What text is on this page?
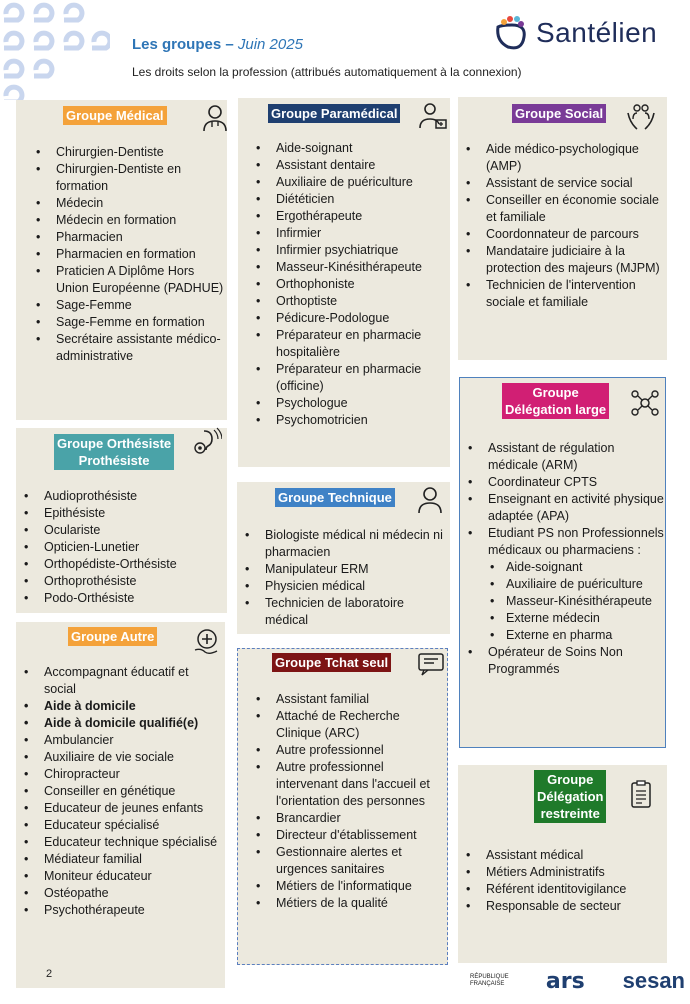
Les groupes – Juin 2025
Les droits selon la profession (attribués automatiquement à la connexion)
Santélien
Groupe Médical
• Chirurgien-Dentiste
• Chirurgien-Dentiste en formation
• Médecin
• Médecin en formation
• Pharmacien
• Pharmacien en formation
• Praticien A Diplôme Hors Union Européenne (PADHUE)
• Sage-Femme
• Sage-Femme en formation
• Secrétaire assistante médico-administrative
Groupe Paramédical
• Aide-soignant
• Assistant dentaire
• Auxiliaire de puériculture
• Diététicien
• Ergothérapeute
• Infirmier
• Infirmier psychiatrique
• Masseur-Kinésithérapeute
• Orthophoniste
• Orthoptiste
• Pédicure-Podologue
• Préparateur en pharmacie hospitalière
• Préparateur en pharmacie (officine)
• Psychologue
• Psychomotricien
Groupe Social
• Aide médico-psychologique (AMP)
• Assistant de service social
• Conseiller en économie sociale et familiale
• Coordonnateur de parcours
• Mandataire judiciaire à la protection des majeurs (MJPM)
• Technicien de l'intervention sociale et familiale
Groupe Orthésiste
Prothésiste
• Audioprothésiste
• Epithésiste
• Ocularistе
• Opticien-Lunetier
• Orthopédiste-Orthésiste
• Orthoprothésiste
• Podo-Orthésiste
Groupe Technique
• Biologiste médical ni médecin ni pharmacien
• Manipulateur ERM
• Physicien médical
• Technicien de laboratoire médical
Groupe
Délégation large
• Assistant de régulation médicale (ARM)
• Coordinateur CPTS
• Enseignant en activité physique adaptée (APA)
• Etudiant PS non Professionnels médicaux ou pharmaciens :
• Aide-soignant
• Auxiliaire de puériculture
• Masseur-Kinésithérapeute
• Externe médecin
• Externe en pharma
• Opérateur de Soins Non Programmés
Groupe Autre
• Accompagnant éducatif et social
• Aide à domicile
• Aide à domicile qualifié(e)
• Ambulancier
• Auxiliaire de vie sociale
• Chiropracteur
• Conseiller en génétique
• Educateur de jeunes enfants
• Educateur spécialisé
• Educateur technique spécialisé
• Médiateur familial
• Moniteur éducateur
• Ostéopathe
• Psychothérapeute
Groupe Tchat seul
• Assistant familial
• Attaché de Recherche Clinique (ARC)
• Autre professionnel
• Autre professionnel intervenant dans l'accueil et l'orientation des personnes
• Brancardier
• Directeur d'établissement
• Gestionnaire alertes et urgences sanitaires
• Métiers de l'informatique
• Métiers de la qualité
Groupe
Délégation
restreinte
• Assistant médical
• Métiers Administratifs
• Référent identitovigilance
• Responsable de secteur
2	RÉPUBLIQUE FRANÇAISE ars sesan
